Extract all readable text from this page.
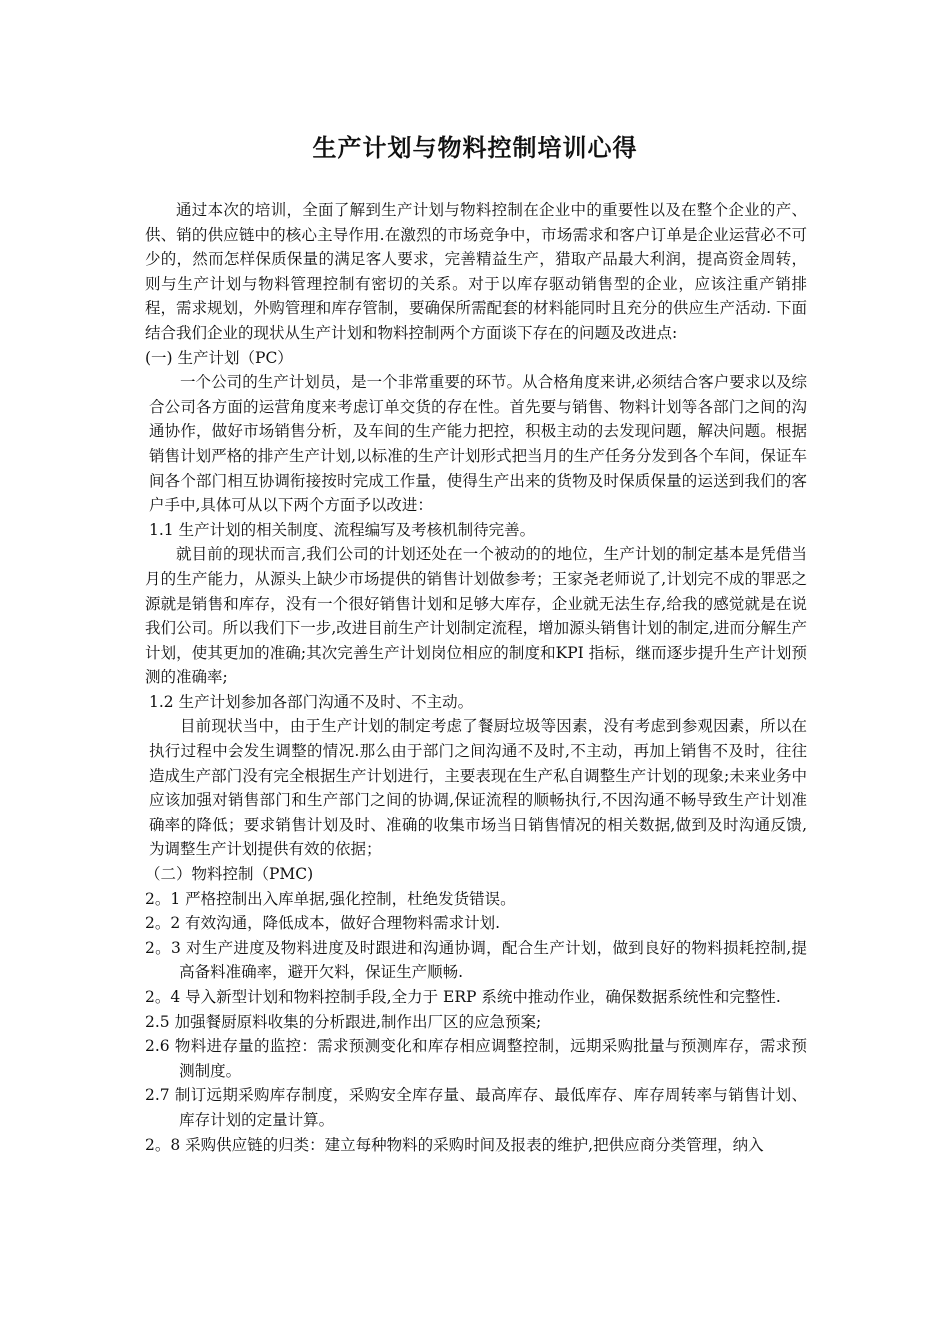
生产计划与物料控制培训心得

通过本次的培训，全面了解到生产计划与物料控制在企业中的重要性以及在整个企业的产、供、销的供应链中的核心主导作用.在激烈的市场竞争中，市场需求和客户订单是企业运营必不可少的，然而怎样保质保量的满足客人要求，完善精益生产，猎取产品最大利润，提高资金周转，则与生产计划与物料管理控制有密切的关系。对于以库存驱动销售型的企业，应该注重产销排程，需求规划，外购管理和库存管制，要确保所需配套的材料能同时且充分的供应生产活动. 下面结合我们企业的现状从生产计划和物料控制两个方面谈下存在的问题及改进点:

(一) 生产计划（PC）

一个公司的生产计划员，是一个非常重要的环节。从合格角度来讲,必须结合客户要求以及综合公司各方面的运营角度来考虑订单交货的存在性。首先要与销售、物料计划等各部门之间的沟通协作，做好市场销售分析，及车间的生产能力把控，积极主动的去发现问题，解决问题。根据销售计划严格的排产生产计划,以标准的生产计划形式把当月的生产任务分发到各个车间，保证车间各个部门相互协调衔接按时完成工作量，使得生产出来的货物及时保质保量的运送到我们的客户手中,具体可从以下两个方面予以改进：

1.1 生产计划的相关制度、流程编写及考核机制待完善。

就目前的现状而言,我们公司的计划还处在一个被动的的地位，生产计划的制定基本是凭借当月的生产能力，从源头上缺少市场提供的销售计划做参考；王家尧老师说了,计划完不成的罪恶之源就是销售和库存，没有一个很好销售计划和足够大库存，企业就无法生存,给我的感觉就是在说我们公司。所以我们下一步,改进目前生产计划制定流程，增加源头销售计划的制定,进而分解生产计划，使其更加的准确;其次完善生产计划岗位相应的制度和KPI 指标，继而逐步提升生产计划预测的准确率;

1.2 生产计划参加各部门沟通不及时、不主动。

目前现状当中，由于生产计划的制定考虑了餐厨垃圾等因素，没有考虑到参观因素，所以在执行过程中会发生调整的情况.那么由于部门之间沟通不及时,不主动，再加上销售不及时，往往造成生产部门没有完全根据生产计划进行，主要表现在生产私自调整生产计划的现象;未来业务中应该加强对销售部门和生产部门之间的协调,保证流程的顺畅执行,不因沟通不畅导致生产计划准确率的降低；要求销售计划及时、准确的收集市场当日销售情况的相关数据,做到及时沟通反馈,为调整生产计划提供有效的依据；

（二）物料控制（PMC)

2。1 严格控制出入库单据,强化控制，杜绝发货错误。

2。2 有效沟通，降低成本，做好合理物料需求计划.

2。3 对生产进度及物料进度及时跟进和沟通协调，配合生产计划，做到良好的物料损耗控制,提高备料准确率，避开欠料，保证生产顺畅.

2。4 导入新型计划和物料控制手段,全力于 ERP 系统中推动作业，确保数据系统性和完整性.

2.5 加强餐厨原料收集的分析跟进,制作出厂区的应急预案;

2.6 物料进存量的监控：需求预测变化和库存相应调整控制，远期采购批量与预测库存，需求预测制度。

2.7 制订远期采购库存制度，采购安全库存量、最高库存、最低库存、库存周转率与销售计划、库存计划的定量计算。

2。8 采购供应链的归类：建立每种物料的采购时间及报表的维护,把供应商分类管理，纳入
